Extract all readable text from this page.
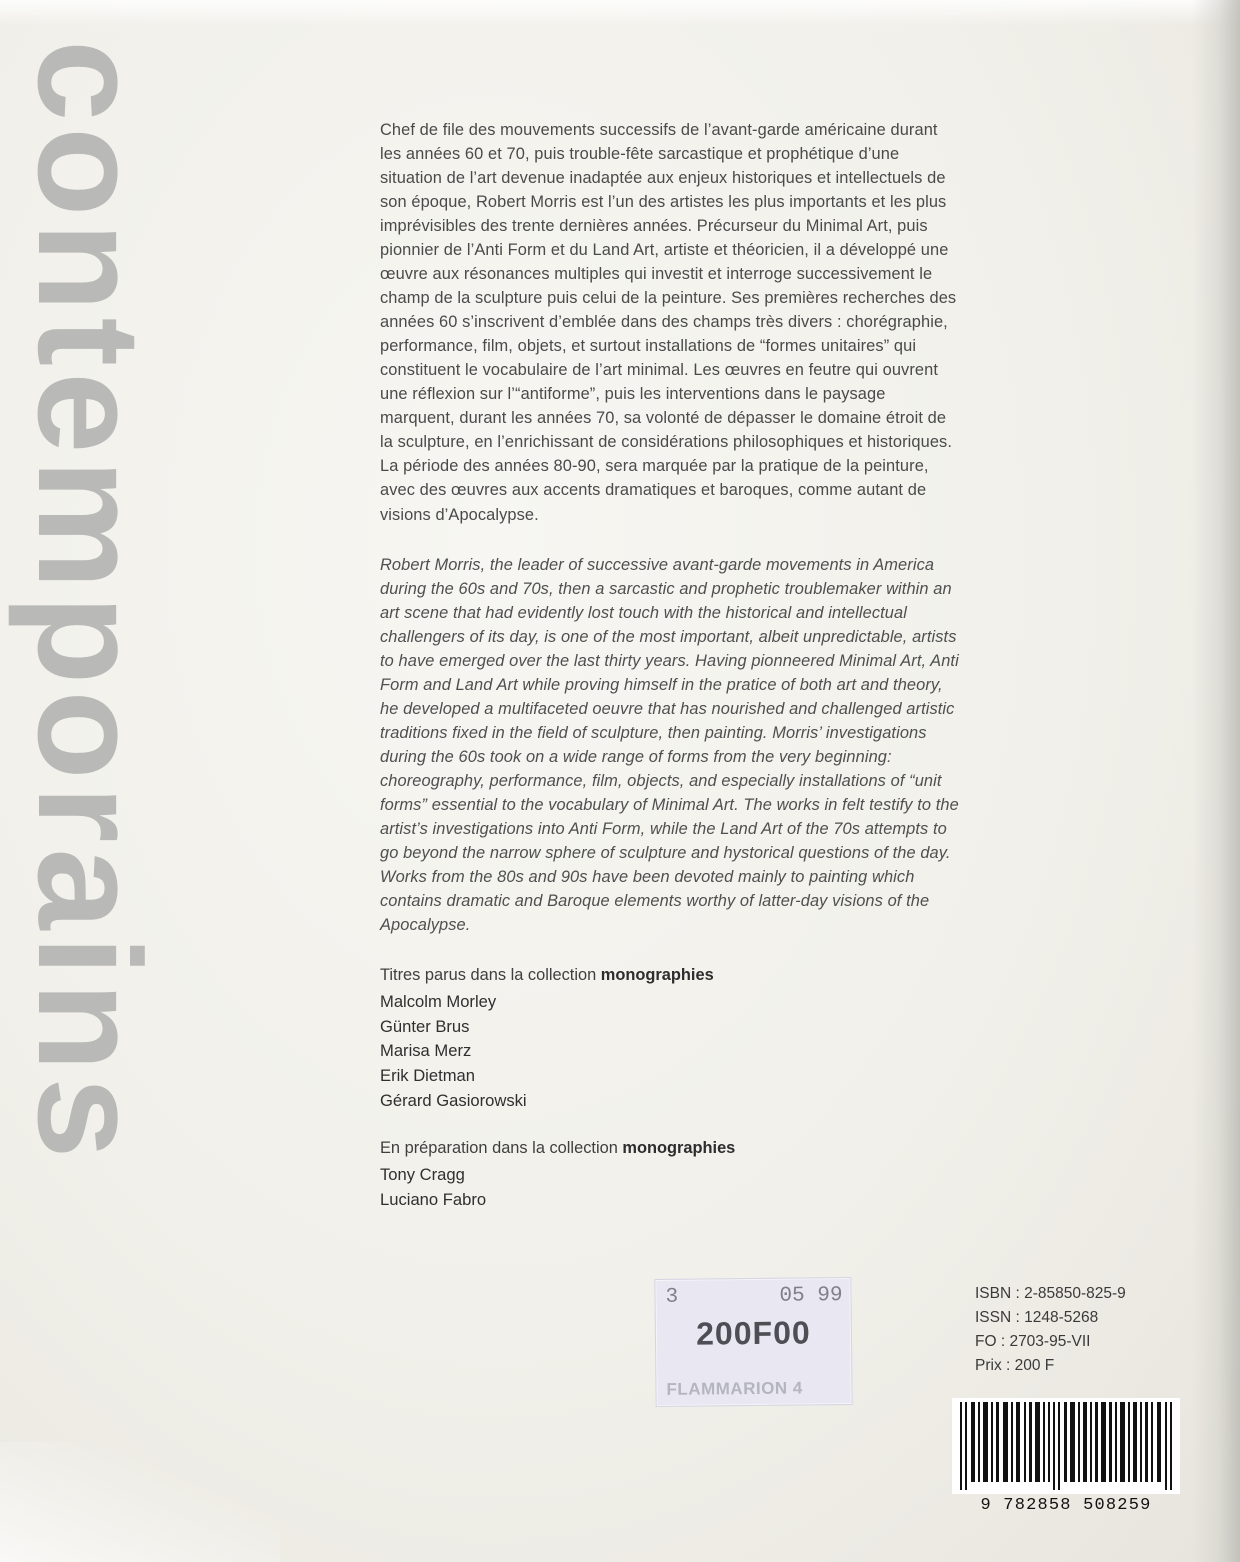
contemporains	Chef de file des mouvements successifs de l’avant-garde américaine durant les années 60 et 70, puis trouble-fête sarcastique et prophétique d’une situation de l’art devenue inadaptée aux enjeux historiques et intellectuels de son époque, Robert Morris est l’un des artistes les plus importants et les plus imprévisibles des trente dernières années. Précurseur du Minimal Art, puis pionnier de l’Anti Form et du Land Art, artiste et théoricien, il a développé une œuvre aux résonances multiples qui investit et interroge successivement le champ de la sculpture puis celui de la peinture. Ses premières recherches des années 60 s’inscrivent d’emblée dans des champs très divers : chorégraphie, performance, film, objets, et surtout installations de “formes unitaires” qui constituent le vocabulaire de l’art minimal. Les œuvres en feutre qui ouvrent une réflexion sur l’“antiforme”, puis les interventions dans le paysage marquent, durant les années 70, sa volonté de dépasser le domaine étroit de la sculpture, en l’enrichissant de considérations philosophiques et historiques. La période des années 80-90, sera marquée par la pratique de la peinture, avec des œuvres aux accents dramatiques et baroques, comme autant de visions d’Apocalypse.

Robert Morris, the leader of successive avant-garde movements in America during the 60s and 70s, then a sarcastic and prophetic troublemaker within an art scene that had evidently lost touch with the historical and intellectual challengers of its day, is one of the most important, albeit unpredictable, artists to have emerged over the last thirty years. Having pionneered Minimal Art, Anti Form and Land Art while proving himself in the pratice of both art and theory, he developed a multifaceted oeuvre that has nourished and challenged artistic traditions fixed in the field of sculpture, then painting. Morris’ investigations during the 60s took on a wide range of forms from the very beginning: choreography, performance, film, objects, and especially installations of “unit forms” essential to the vocabulary of Minimal Art. The works in felt testify to the artist’s investigations into Anti Form, while the Land Art of the 70s attempts to go beyond the narrow sphere of sculpture and hystorical questions of the day. Works from the 80s and 90s have been devoted mainly to painting which contains dramatic and Baroque elements worthy of latter-day visions of the Apocalypse.

Titres parus dans la collection monographies

Malcolm Morley

Günter Brus

Marisa Merz

Erik Dietman

Gérard Gasiorowski

En préparation dans la collection monographies

Tony Cragg

Luciano Fabro

3	05 99
200F00
FLAMMARION 4
ISBN : 2-85850-825-9
ISSN : 1248-5268
FO : 2703-95-VII
Prix : 200 F
9 782858 508259
